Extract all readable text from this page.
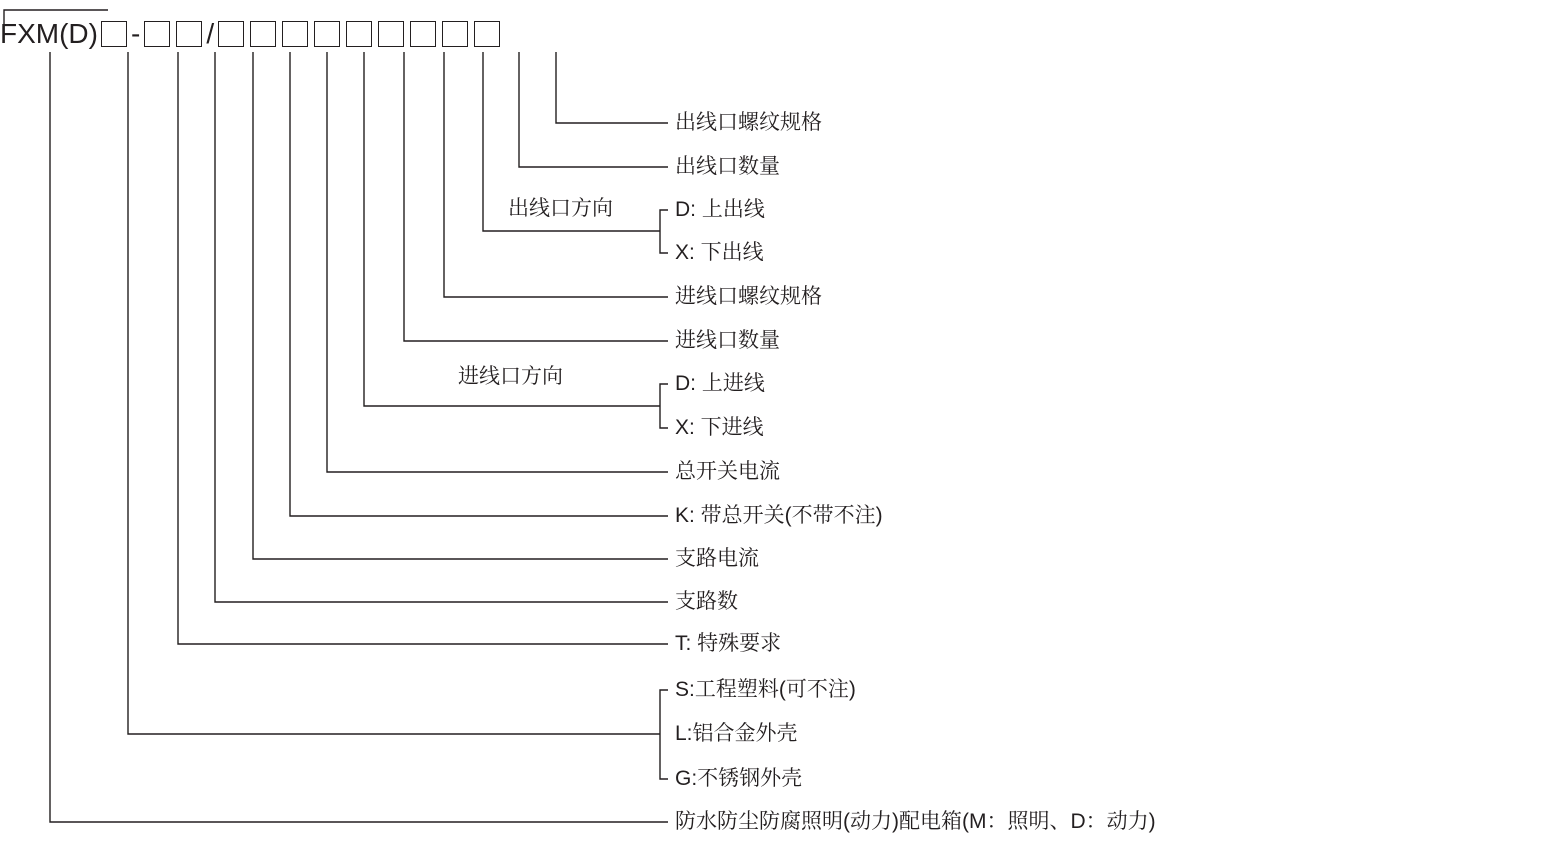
FXM(D) - /
出线口螺纹规格
出线口数量
出线口方向	D: 上出线
X: 下出线
进线口螺纹规格
进线口数量
进线口方向	D: 上进线
X: 下进线
总开关电流
K: 带总开关(不带不注)
支路电流
支路数
T: 特殊要求
S:工程塑料(可不注)
L:铝合金外壳
G:不锈钢外壳
防水防尘防腐照明(动力)配电箱(M：照明、D：动力)
